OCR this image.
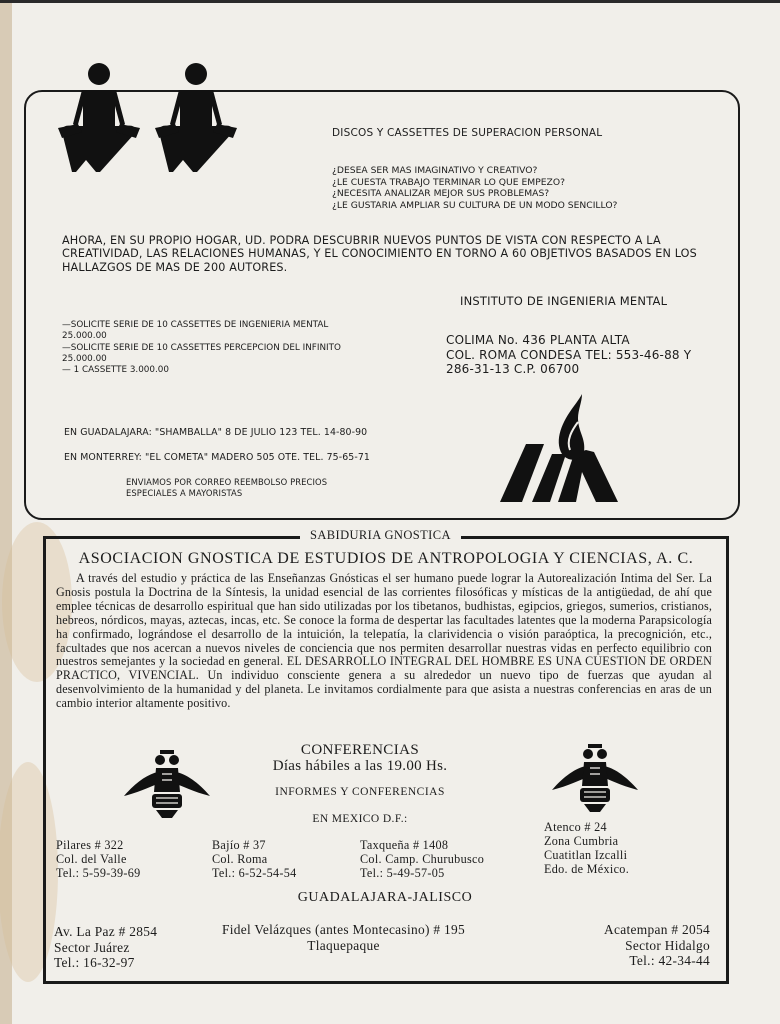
DISCOS Y CASSETTES DE SUPERACION PERSONAL
¿DESEA SER MAS IMAGINATIVO Y CREATIVO?
¿LE CUESTA TRABAJO TERMINAR LO QUE EMPEZO?
¿NECESITA ANALIZAR MEJOR SUS PROBLEMAS?
¿LE GUSTARIA AMPLIAR SU CULTURA DE UN MODO SENCILLO?
AHORA, EN SU PROPIO HOGAR, UD. PODRA DESCUBRIR NUEVOS PUNTOS DE VISTA CON RESPECTO A LA CREATIVIDAD, LAS RELACIONES HUMANAS, Y EL CONOCIMIENTO EN TORNO A 60 OBJETIVOS BASADOS EN LOS HALLAZGOS DE MAS DE 200 AUTORES.
INSTITUTO DE INGENIERIA MENTAL
COLIMA No. 436 PLANTA ALTA
COL. ROMA CONDESA TEL: 553-46-88 Y
286-31-13 C.P. 06700
—SOLICITE SERIE DE 10 CASSETTES DE INGENIERIA MENTAL
25.000.00
—SOLICITE SERIE DE 10 CASSETTES PERCEPCION DEL INFINITO
25.000.00
— 1 CASSETTE 3.000.00
EN GUADALAJARA: "SHAMBALLA" 8 DE JULIO 123 TEL. 14-80-90
EN MONTERREY: "EL COMETA" MADERO 505 OTE. TEL. 75-65-71
ENVIAMOS POR CORREO REEMBOLSO PRECIOS ESPECIALES A MAYORISTAS
SABIDURIA GNOSTICA
ASOCIACION GNOSTICA DE ESTUDIOS DE ANTROPOLOGIA Y CIENCIAS, A. C.
A través del estudio y práctica de las Enseñanzas Gnósticas el ser humano puede lograr la Autorealización Intima del Ser. La Gnosis postula la Doctrina de la Síntesis, la unidad esencial de las corrientes filosóficas y místicas de la antigüedad, de ahí que emplee técnicas de desarrollo espiritual que han sido utilizadas por los tibetanos, budhistas, egipcios, griegos, sumerios, cristianos, hebreos, nórdicos, mayas, aztecas, incas, etc. Se conoce la forma de despertar las facultades latentes que la moderna Parapsicología ha confirmado, lográndose el desarrollo de la intuición, la telepatía, la clarividencia o visión paraóptica, la precognición, etc., facultades que nos acercan a nuevos niveles de conciencia que nos permiten desarrollar nuestras vidas en perfecto equilibrio con nuestros semejantes y la sociedad en general. EL DESARROLLO INTEGRAL DEL HOMBRE ES UNA CUESTION DE ORDEN PRACTICO, VIVENCIAL. Un individuo consciente genera a su alrededor un nuevo tipo de fuerzas que ayudan al desenvolvimiento de la humanidad y del planeta. Le invitamos cordialmente para que asista a nuestras conferencias en aras de un cambio interior altamente positivo.
CONFERENCIAS
Días hábiles a las 19.00 Hs.
INFORMES Y CONFERENCIAS
EN MEXICO D.F.:
Pilares # 322
Col. del Valle
Tel.: 5-59-39-69
Bajío # 37
Col. Roma
Tel.: 6-52-54-54
Taxqueña # 1408
Col. Camp. Churubusco
Tel.: 5-49-57-05
Atenco # 24
Zona Cumbria
Cuatitlan Izcalli
Edo. de México.
GUADALAJARA-JALISCO
Av. La Paz # 2854
Sector Juárez
Tel.: 16-32-97
Fidel Velázques (antes Montecasino) # 195
Tlaquepaque
Acatempan # 2054
Sector Hidalgo
Tel.: 42-34-44
